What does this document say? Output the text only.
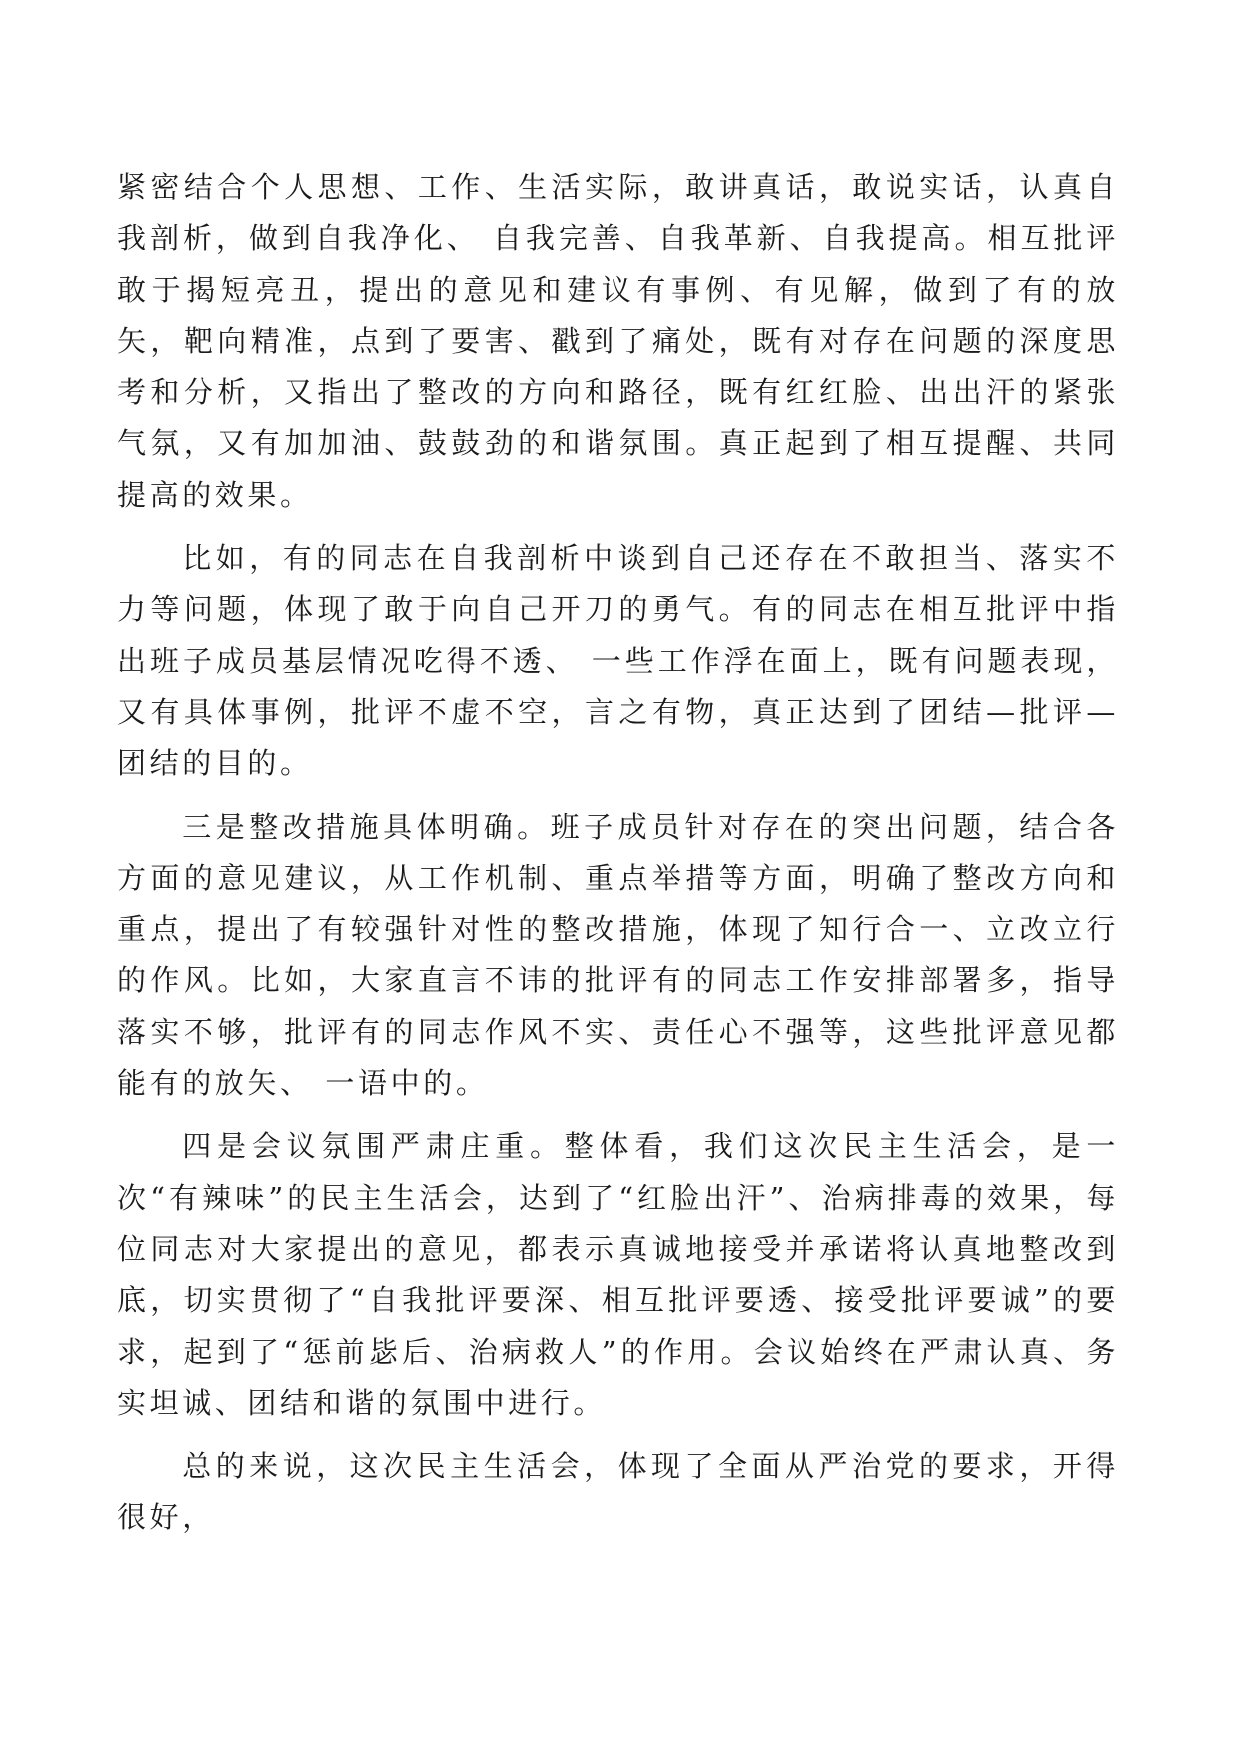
紧密结合个人思想、工作、生活实际，敢讲真话，敢说实话，认真自我剖析，做到自我净化、 自我完善、自我革新、自我提高。相互批评敢于揭短亮丑，提出的意见和建议有事例、有见解，做到了有的放矢，靶向精准，点到了要害、戳到了痛处，既有对存在问题的深度思考和分析，又指出了整改的方向和路径，既有红红脸、出出汗的紧张气氛，又有加加油、鼓鼓劲的和谐氛围。真正起到了相互提醒、共同提高的效果。

比如，有的同志在自我剖析中谈到自己还存在不敢担当、落实不力等问题，体现了敢于向自己开刀的勇气。有的同志在相互批评中指出班子成员基层情况吃得不透、 一些工作浮在面上，既有问题表现，又有具体事例，批评不虚不空，言之有物，真正达到了团结—批评—团结的目的。

三是整改措施具体明确。班子成员针对存在的突出问题，结合各方面的意见建议，从工作机制、重点举措等方面，明确了整改方向和重点，提出了有较强针对性的整改措施，体现了知行合一、立改立行的作风。比如，大家直言不讳的批评有的同志工作安排部署多，指导落实不够，批评有的同志作风不实、责任心不强等，这些批评意见都能有的放矢、 一语中的。

四是会议氛围严肃庄重。整体看，我们这次民主生活会，是一次“有辣味”的民主生活会，达到了“红脸出汗”、治病排毒的效果，每位同志对大家提出的意见，都表示真诚地接受并承诺将认真地整改到底，切实贯彻了“自我批评要深、相互批评要透、接受批评要诚”的要求，起到了“惩前毖后、治病救人”的作用。会议始终在严肃认真、务实坦诚、团结和谐的氛围中进行。

总的来说，这次民主生活会，体现了全面从严治党的要求，开得很好，
